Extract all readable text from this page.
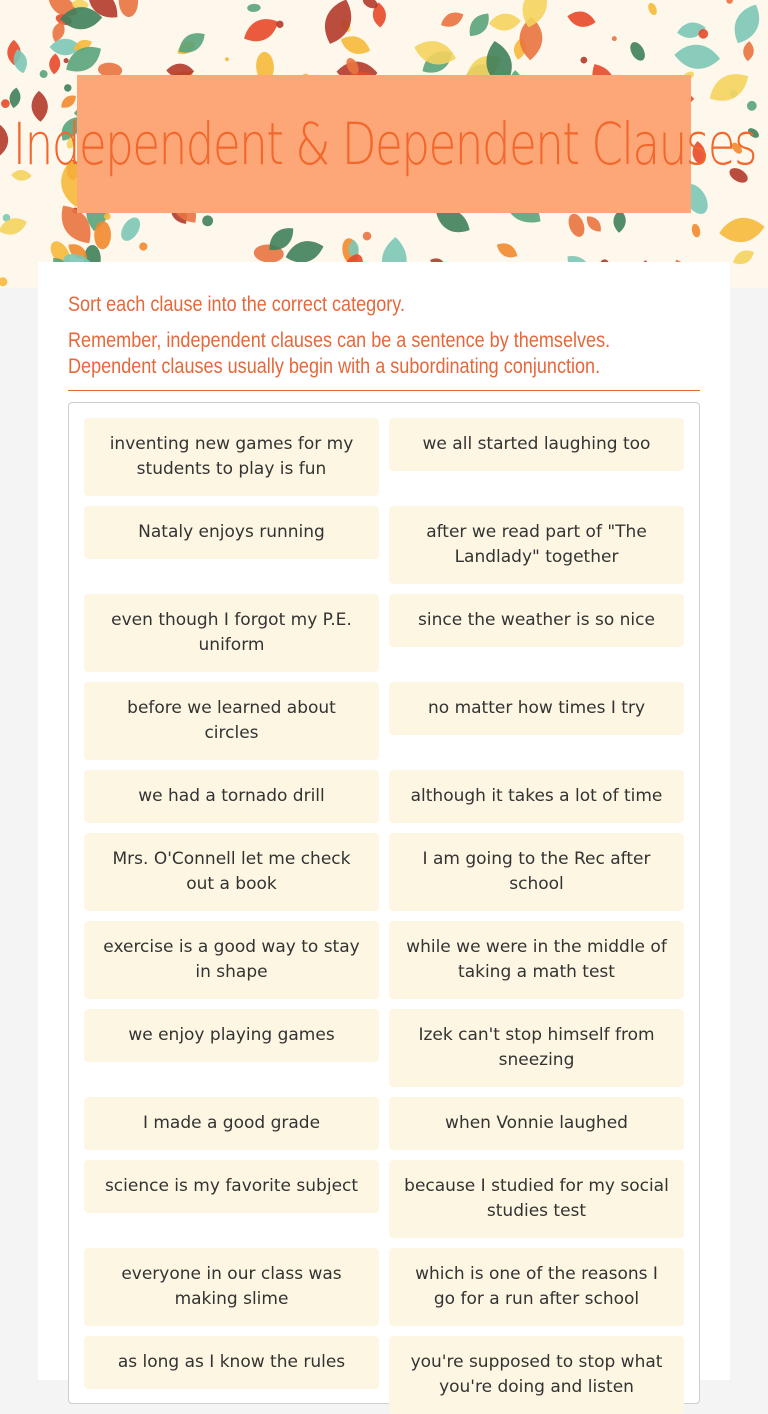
Independent & Dependent Clauses

Sort each clause into the correct category.

Remember, independent clauses can be a sentence by themselves.

Dependent clauses usually begin with a subordinating conjunction.

inventing new games for my students to play is fun
we all started laughing too
Nataly enjoys running	after we read part of "The Landlady" together
even though I forgot my P.E. uniform
since the weather is so nice
before we learned about circles
no matter how times I try
we had a tornado drill	although it takes a lot of time
Mrs. O'Connell let me check out a book
I am going to the Rec after school
exercise is a good way to stay in shape
while we were in the middle of taking a math test
we enjoy playing games	Izek can't stop himself from sneezing
I made a good grade	when Vonnie laughed
science is my favorite subject	because I studied for my social studies test
everyone in our class was making slime
which is one of the reasons I go for a run after school
as long as I know the rules	you're supposed to stop what you're doing and listen
